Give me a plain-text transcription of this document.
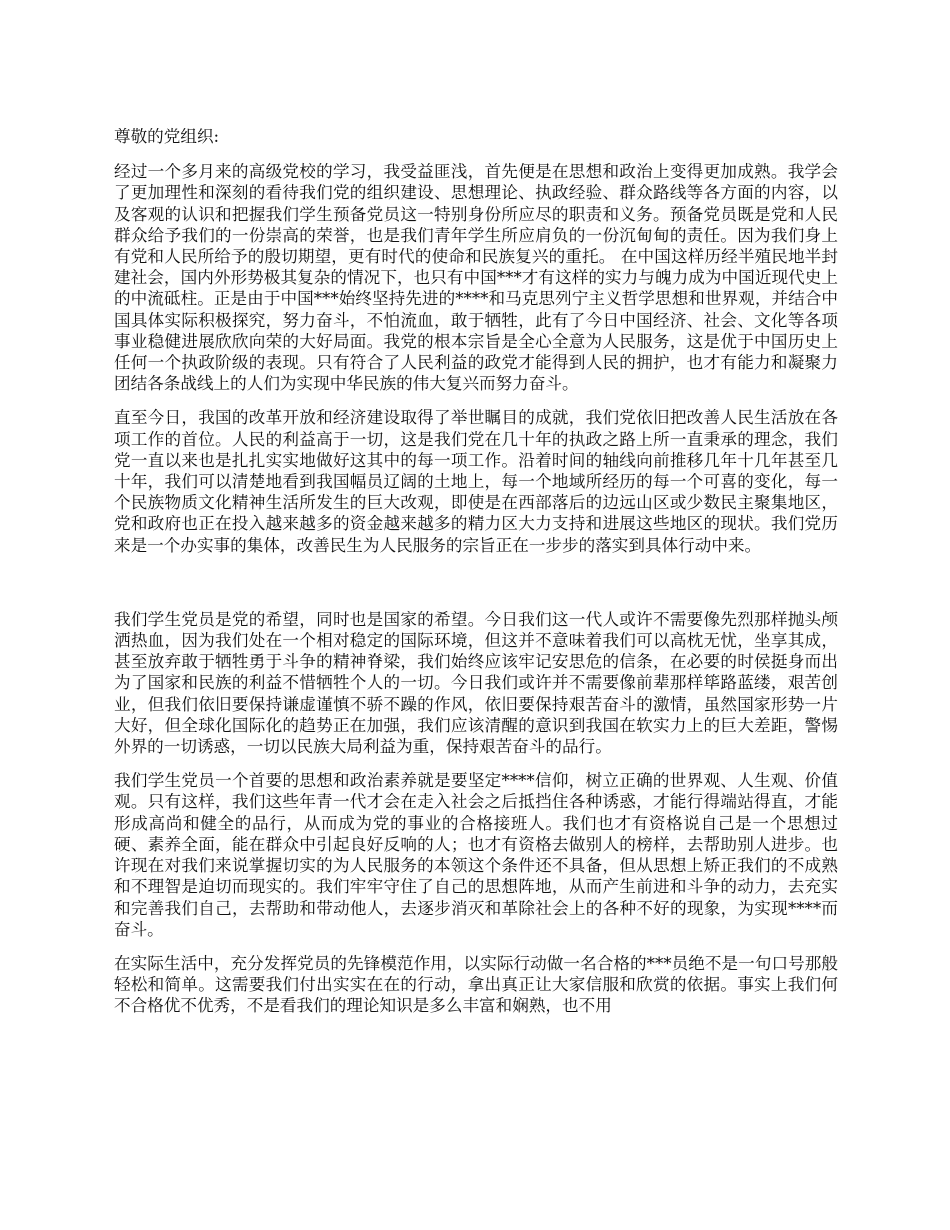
尊敬的党组织:

经过一个多月来的高级党校的学习，我受益匪浅，首先便是在思想和政治上变得更加成熟。我学会了更加理性和深刻的看待我们党的组织建设、思想理论、执政经验、群众路线等各方面的内容，以及客观的认识和把握我们学生预备党员这一特别身份所应尽的职责和义务。预备党员既是党和人民群众给予我们的一份崇高的荣誉，也是我们青年学生所应肩负的一份沉甸甸的责任。因为我们身上有党和人民所给予的殷切期望，更有时代的使命和民族复兴的重托。 在中国这样历经半殖民地半封建社会，国内外形势极其复杂的情况下，也只有中国***才有这样的实力与魄力成为中国近现代史上的中流砥柱。正是由于中国***始终坚持先进的****和马克思列宁主义哲学思想和世界观，并结合中国具体实际积极探究，努力奋斗，不怕流血，敢于牺牲，此有了今日中国经济、社会、文化等各项事业稳健进展欣欣向荣的大好局面。我党的根本宗旨是全心全意为人民服务，这是优于中国历史上任何一个执政阶级的表现。只有符合了人民利益的政党才能得到人民的拥护，也才有能力和凝聚力团结各条战线上的人们为实现中华民族的伟大复兴而努力奋斗。

直至今日，我国的改革开放和经济建设取得了举世瞩目的成就，我们党依旧把改善人民生活放在各项工作的首位。人民的利益高于一切，这是我们党在几十年的执政之路上所一直秉承的理念，我们党一直以来也是扎扎实实地做好这其中的每一项工作。沿着时间的轴线向前推移几年十几年甚至几十年，我们可以清楚地看到我国幅员辽阔的土地上，每一个地域所经历的每一个可喜的变化，每一个民族物质文化精神生活所发生的巨大改观，即使是在西部落后的边远山区或少数民主聚集地区，党和政府也正在投入越来越多的资金越来越多的精力区大力支持和进展这些地区的现状。我们党历来是一个办实事的集体，改善民生为人民服务的宗旨正在一步步的落实到具体行动中来。

我们学生党员是党的希望，同时也是国家的希望。今日我们这一代人或许不需要像先烈那样抛头颅洒热血，因为我们处在一个相对稳定的国际环境，但这并不意味着我们可以高枕无忧，坐享其成，甚至放弃敢于牺牲勇于斗争的精神脊梁，我们始终应该牢记安思危的信条，在必要的时侯挺身而出为了国家和民族的利益不惜牺牲个人的一切。今日我们或许并不需要像前辈那样筚路蓝缕，艰苦创业，但我们依旧要保持谦虚谨慎不骄不躁的作风，依旧要保持艰苦奋斗的激情，虽然国家形势一片大好，但全球化国际化的趋势正在加强，我们应该清醒的意识到我国在软实力上的巨大差距，警惕外界的一切诱惑，一切以民族大局利益为重，保持艰苦奋斗的品行。

我们学生党员一个首要的思想和政治素养就是要坚定****信仰，树立正确的世界观、人生观、价值观。只有这样，我们这些年青一代才会在走入社会之后抵挡住各种诱惑，才能行得端站得直，才能形成高尚和健全的品行，从而成为党的事业的合格接班人。我们也才有资格说自己是一个思想过硬、素养全面，能在群众中引起良好反响的人；也才有资格去做别人的榜样，去帮助别人进步。也许现在对我们来说掌握切实的为人民服务的本领这个条件还不具备，但从思想上矫正我们的不成熟和不理智是迫切而现实的。我们牢牢守住了自己的思想阵地，从而产生前进和斗争的动力，去充实和完善我们自己，去帮助和带动他人，去逐步消灭和革除社会上的各种不好的现象，为实现****而奋斗。

在实际生活中，充分发挥党员的先锋模范作用，以实际行动做一名合格的***员绝不是一句口号那般轻松和简单。这需要我们付出实实在在的行动，拿出真正让大家信服和欣赏的依据。事实上我们何不合格优不优秀，不是看我们的理论知识是多么丰富和娴熟，也不用
